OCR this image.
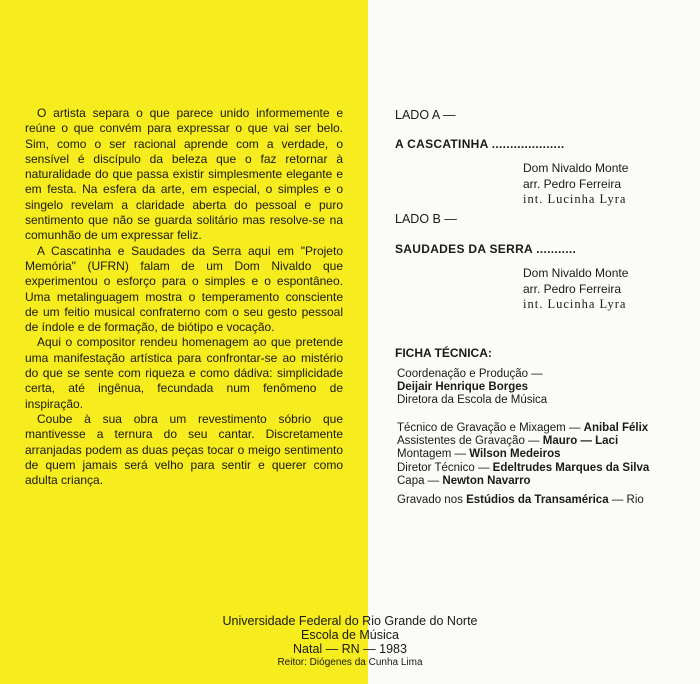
O artista separa o que parece unido informemente e reúne o que convém para expressar o que vai ser belo. Sim, como o ser racional aprende com a verdade, o sensível é discípulo da beleza que o faz retornar à naturalidade do que passa existir simplesmente elegante e em festa. Na esfera da arte, em especial, o simples e o singelo revelam a claridade aberta do pessoal e puro sentimento que não se guarda solitário mas resolve-se na comunhão de um expressar feliz.

A Cascatinha e Saudades da Serra aqui em "Projeto Memória" (UFRN) falam de um Dom Nivaldo que experimentou o esforço para o simples e o espontâneo. Uma metalinguagem mostra o temperamento consciente de um feitio musical confraterno com o seu gesto pessoal de índole e de formação, de biótipo e vocação.

Aqui o compositor rendeu homenagem ao que pretende uma manifestação artística para confrontar-se ao mistério do que se sente com riqueza e como dádiva: simplicidade certa, até ingênua, fecundada num fenômeno de inspiração.

Coube à sua obra um revestimento sóbrio que mantivesse a ternura do seu cantar. Discretamente arranjadas podem as duas peças tocar o meigo sentimento de quem jamais será velho para sentir e querer como adulta criança.

LADO A —
A CASCATINHA ....................
Dom Nivaldo Monte
arr. Pedro Ferreira
int. Lucinha Lyra
LADO B —
SAUDADES DA SERRA ...........
Dom Nivaldo Monte
arr. Pedro Ferreira
int. Lucinha Lyra
FICHA TÉCNICA:
Coordenação e Produção —
Deijair Henrique Borges
Diretora da Escola de Música
Técnico de Gravação e Mixagem — Anibal Félix
Assistentes de Gravação — Mauro — Laci
Montagem — Wilson Medeiros
Diretor Técnico — Edeltrudes Marques da Silva
Capa — Newton Navarro
Gravado nos Estúdios da Transamérica — Rio
Universidade Federal do Rio Grande do Norte
Escola de Música
Natal — RN — 1983
Reitor: Diógenes da Cunha Lima
